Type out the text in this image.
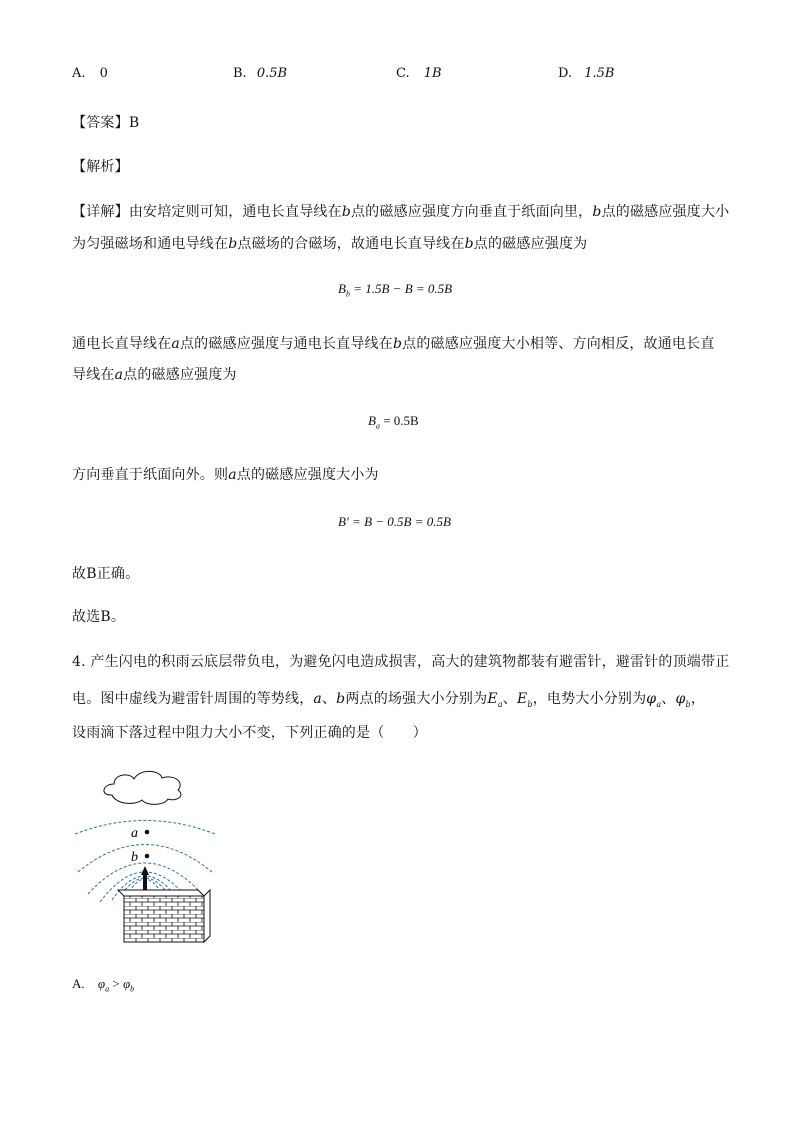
A. 0	B. 0.5B	C. 1B	D. 1.5B
【答案】B
【解析】
【详解】由安培定则可知，通电长直导线在b点的磁感应强度方向垂直于纸面向里，b点的磁感应强度大小
为匀强磁场和通电导线在b点磁场的合磁场，故通电长直导线在b点的磁感应强度为
$B_b = 1.5B - B = 0.5B$
通电长直导线在a点的磁感应强度与通电长直导线在b点的磁感应强度大小相等、方向相反，故通电长直
导线在a点的磁感应强度为
$B_a = 0.5B$
方向垂直于纸面向外。则a点的磁感应强度大小为
B′ = B − 0.5B = 0.5B
故B正确。
故选B。
4. 产生闪电的积雨云底层带负电，为避免闪电造成损害，高大的建筑物都装有避雷针，避雷针的顶端带正
电。图中虚线为避雷针周围的等势线，a、b两点的场强大小分别为$E_a$、$E_b$，电势大小分别为$\varphi_a$、$\varphi_b$，
设雨滴下落过程中阻力大小不变，下列正确的是（　　）
a
b
A. $\varphi_a > \varphi_b$
